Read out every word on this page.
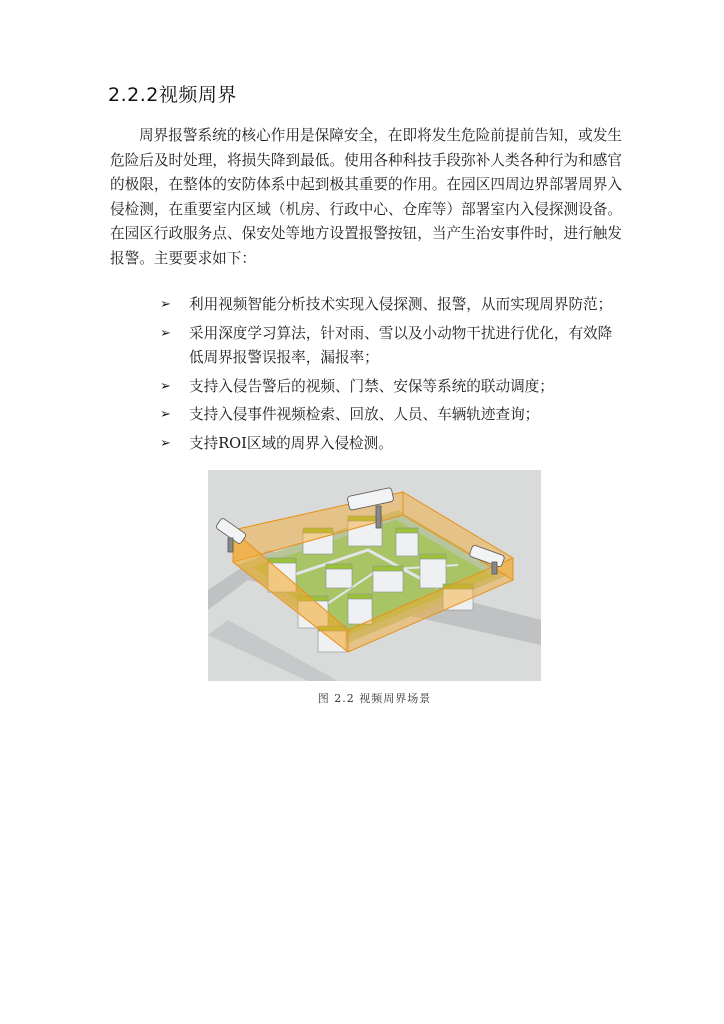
2.2.2视频周界

周界报警系统的核心作用是保障安全，在即将发生危险前提前告知，或发生危险后及时处理，将损失降到最低。使用各种科技手段弥补人类各种行为和感官的极限，在整体的安防体系中起到极其重要的作用。在园区四周边界部署周界入侵检测，在重要室内区域（机房、行政中心、仓库等）部署室内入侵探测设备。在园区行政服务点、保安处等地方设置报警按钮，当产生治安事件时，进行触发报警。主要要求如下：

➢	利用视频智能分析技术实现入侵探测、报警，从而实现周界防范；
➢	采用深度学习算法，针对雨、雪以及小动物干扰进行优化，有效降低周界报警误报率，漏报率；
➢	支持入侵告警后的视频、门禁、安保等系统的联动调度；
➢	支持入侵事件视频检索、回放、人员、车辆轨迹查询；
➢	支持ROI区域的周界入侵检测。
图 2.2 视频周界场景
